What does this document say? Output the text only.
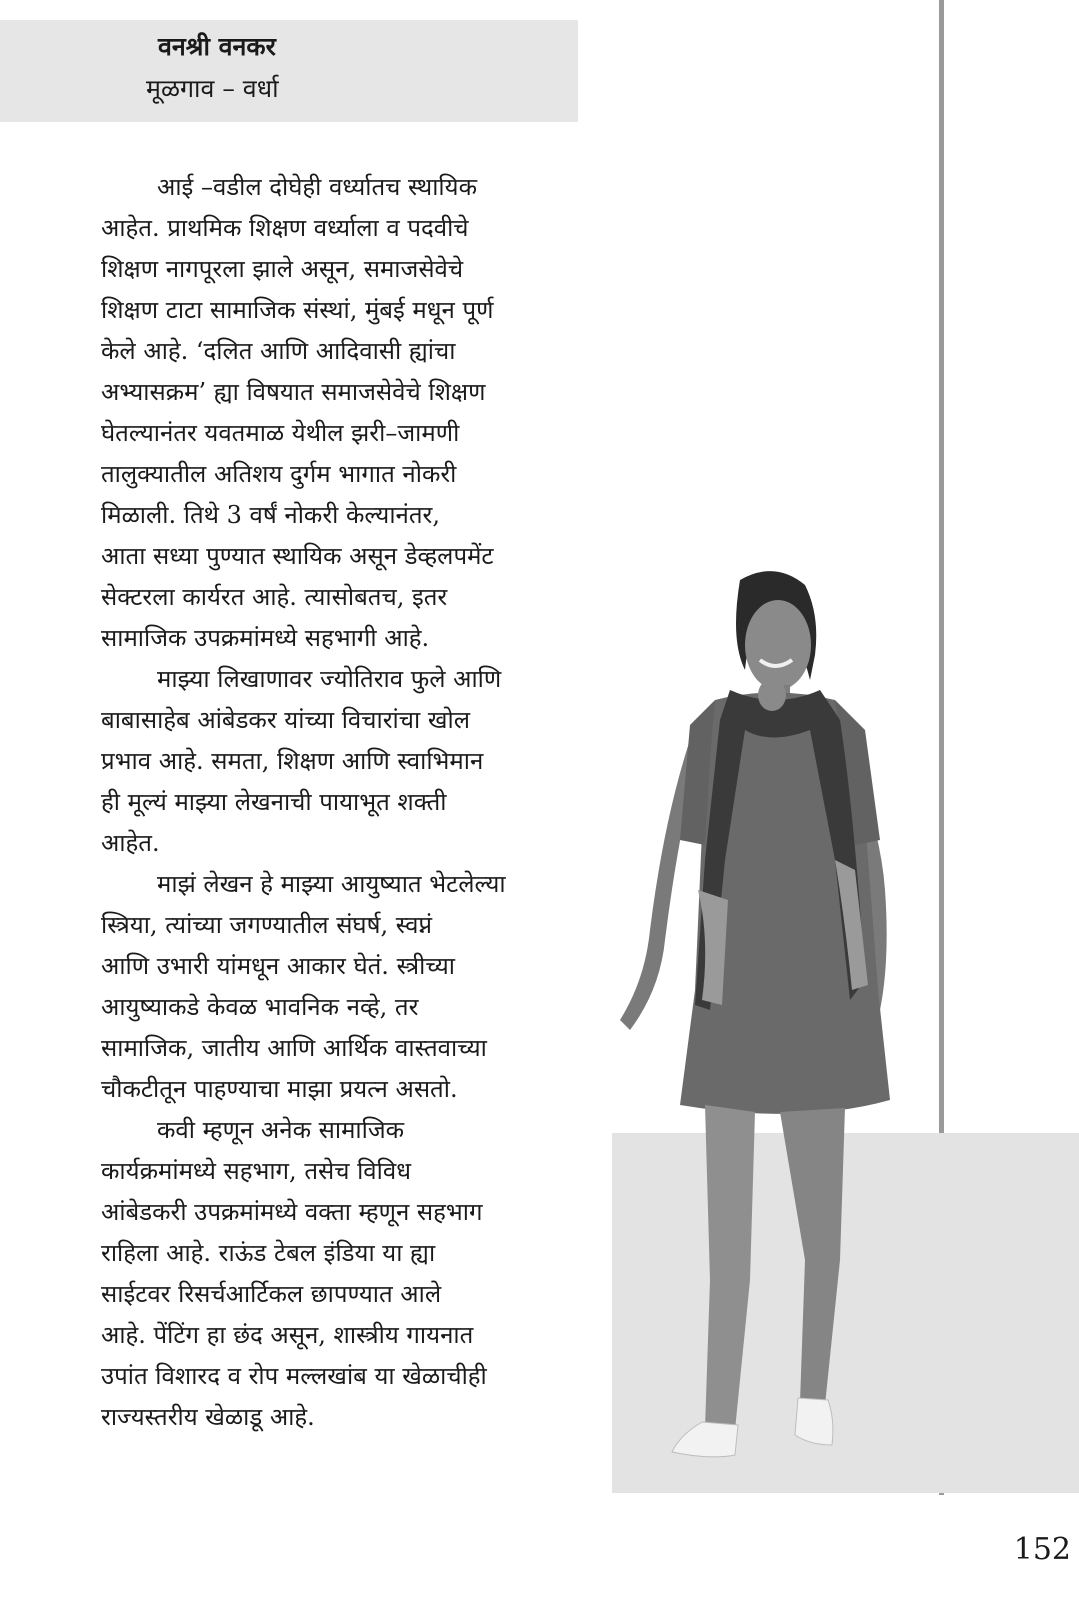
वनश्री वनकर
मूळगाव – वर्धा
आई –वडील दोघेही वर्ध्यातच स्थायिक
आहेत. प्राथमिक शिक्षण वर्ध्याला व पदवीचे
शिक्षण नागपूरला झाले असून, समाजसेवेचे
शिक्षण टाटा सामाजिक संस्थां, मुंबई मधून पूर्ण
केले आहे. ‘दलित आणि आदिवासी ह्यांचा
अभ्यासक्रम’ ह्या विषयात समाजसेवेचे शिक्षण
घेतल्यानंतर यवतमाळ येथील झरी–जामणी
तालुक्यातील अतिशय दुर्गम भागात नोकरी
मिळाली. तिथे 3 वर्षं नोकरी केल्यानंतर,
आता सध्या पुण्यात स्थायिक असून डेव्हलपमेंट
सेक्टरला कार्यरत आहे. त्यासोबतच, इतर
सामाजिक उपक्रमांमध्ये सहभागी आहे.
माझ्या लिखाणावर ज्योतिराव फुले आणि
बाबासाहेब आंबेडकर यांच्या विचारांचा खोल
प्रभाव आहे. समता, शिक्षण आणि स्वाभिमान
ही मूल्यं माझ्या लेखनाची पायाभूत शक्ती
आहेत.
माझं लेखन हे माझ्या आयुष्यात भेटलेल्या
स्त्रिया, त्यांच्या जगण्यातील संघर्ष, स्वप्नं
आणि उभारी यांमधून आकार घेतं. स्त्रीच्या
आयुष्याकडे केवळ भावनिक नव्हे, तर
सामाजिक, जातीय आणि आर्थिक वास्तवाच्या
चौकटीतून पाहण्याचा माझा प्रयत्न असतो.
कवी म्हणून अनेक सामाजिक
कार्यक्रमांमध्ये सहभाग, तसेच विविध
आंबेडकरी उपक्रमांमध्ये वक्ता म्हणून सहभाग
राहिला आहे. राऊंड टेबल इंडिया या ह्या
साईटवर रिसर्चआर्टिकल छापण्यात आले
आहे. पेंटिंग हा छंद असून, शास्त्रीय गायनात
उपांत विशारद व रोप मल्लखांब या खेळाचीही
राज्यस्तरीय खेळाडू आहे.
152
